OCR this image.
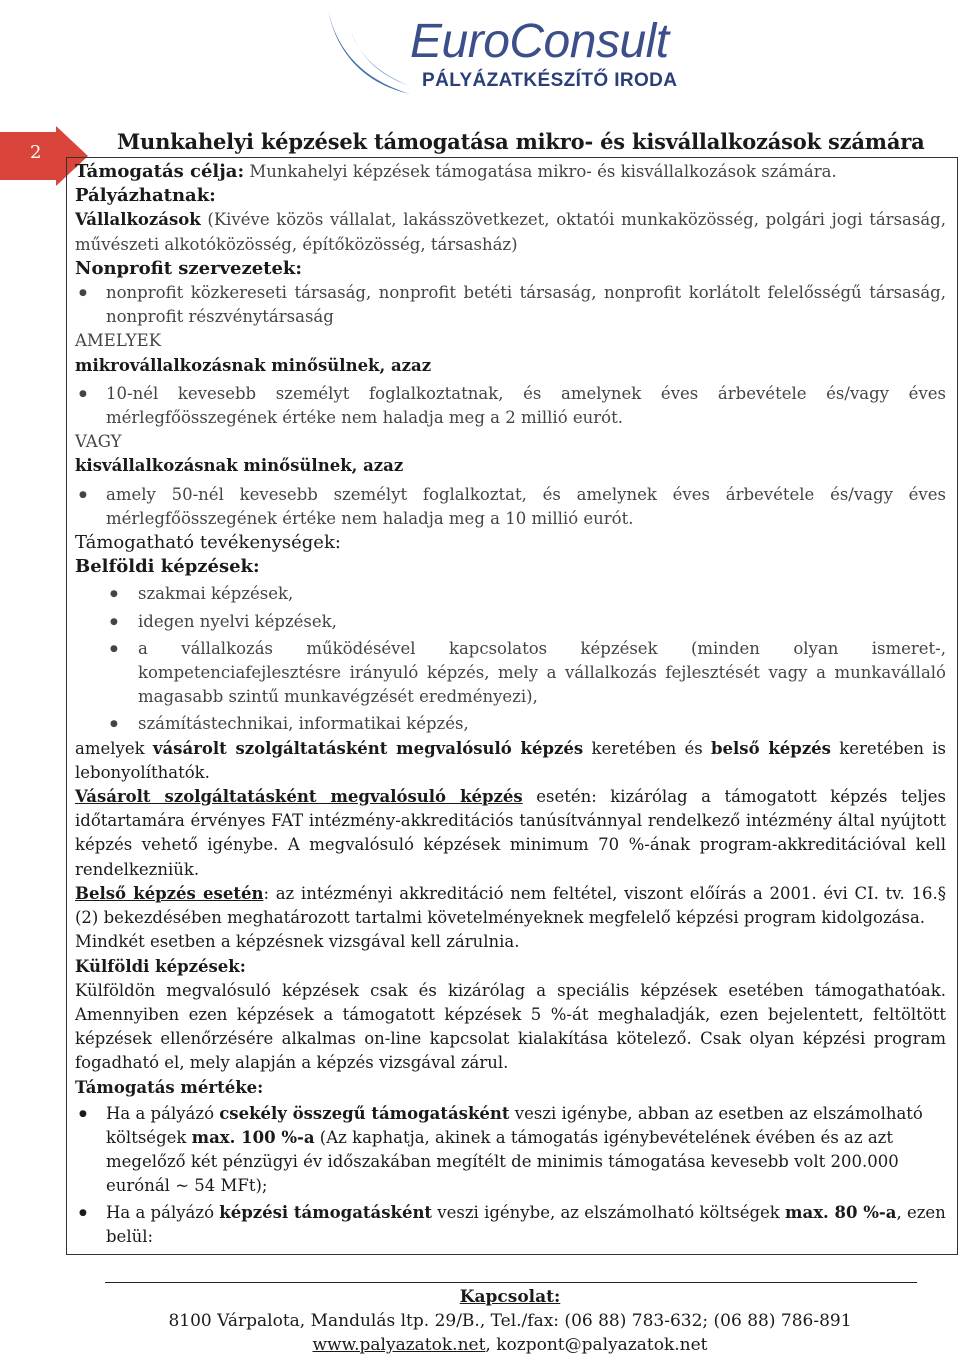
EuroConsult
PÁLYÁZATKÉSZÍTŐ IRODA
2	Munkahelyi képzések támogatása mikro- és kisvállalkozások számára

Támogatás célja: Munkahelyi képzések támogatása mikro- és kisvállalkozások számára.

Pályázhatnak:

Vállalkozások (Kivéve közös vállalat, lakásszövetkezet, oktatói munkaközösség, polgári jogi társaság, művészeti alkotóközösség, építőközösség, társasház)

Nonprofit szervezetek:

● nonprofit közkereseti társaság, nonprofit betéti társaság, nonprofit korlátolt felelősségű társaság, nonprofit részvénytársaság

AMELYEK

mikrovállalkozásnak minősülnek, azaz

● 10-nél kevesebb személyt foglalkoztatnak, és amelynek éves árbevétele és/vagy éves mérlegfőösszegének értéke nem haladja meg a 2 millió eurót.

VAGY

kisvállalkozásnak minősülnek, azaz

● amely 50-nél kevesebb személyt foglalkoztat, és amelynek éves árbevétele és/vagy éves mérlegfőösszegének értéke nem haladja meg a 10 millió eurót.

Támogatható tevékenységek:

Belföldi képzések:

● szakmai képzések,
● idegen nyelvi képzések,
● a vállalkozás működésével kapcsolatos képzések (minden olyan ismeret-, kompetenciafejlesztésre irányuló képzés, mely a vállalkozás fejlesztését vagy a munkavállaló magasabb szintű munkavégzését eredményezi),
● számítástechnikai, informatikai képzés,

amelyek vásárolt szolgáltatásként megvalósuló képzés keretében és belső képzés keretében is lebonyolíthatók.

Vásárolt szolgáltatásként megvalósuló képzés esetén: kizárólag a támogatott képzés teljes időtartamára érvényes FAT intézmény-akkreditációs tanúsítvánnyal rendelkező intézmény által nyújtott képzés vehető igénybe. A megvalósuló képzések minimum 70 %-ának program-akkreditációval kell rendelkezniük.

Belső képzés esetén: az intézményi akkreditáció nem feltétel, viszont előírás a 2001. évi CI. tv. 16.§ (2) bekezdésében meghatározott tartalmi követelményeknek megfelelő képzési program kidolgozása.

Mindkét esetben a képzésnek vizsgával kell zárulnia.

Külföldi képzések:

Külföldön megvalósuló képzések csak és kizárólag a speciális képzések esetében támogathatóak. Amennyiben ezen képzések a támogatott képzések 5 %-át meghaladják, ezen bejelentett, feltöltött képzések ellenőrzésére alkalmas on-line kapcsolat kialakítása kötelező. Csak olyan képzési program fogadható el, mely alapján a képzés vizsgával zárul.

Támogatás mértéke:

● Ha a pályázó csekély összegű támogatásként veszi igénybe, abban az esetben az elszámolható költségek max. 100 %-a (Az kaphatja, akinek a támogatás igénybevételének évében és az azt megelőző két pénzügyi év időszakában megítélt de minimis támogatása kevesebb volt 200.000 eurónál ~ 54 MFt);
● Ha a pályázó képzési támogatásként veszi igénybe, az elszámolható költségek max. 80 %-a, ezen belül:
Kapcsolat:
8100 Várpalota, Mandulás ltp. 29/B., Tel./fax: (06 88) 783-632; (06 88) 786-891
www.palyazatok.net, kozpont@palyazatok.net
